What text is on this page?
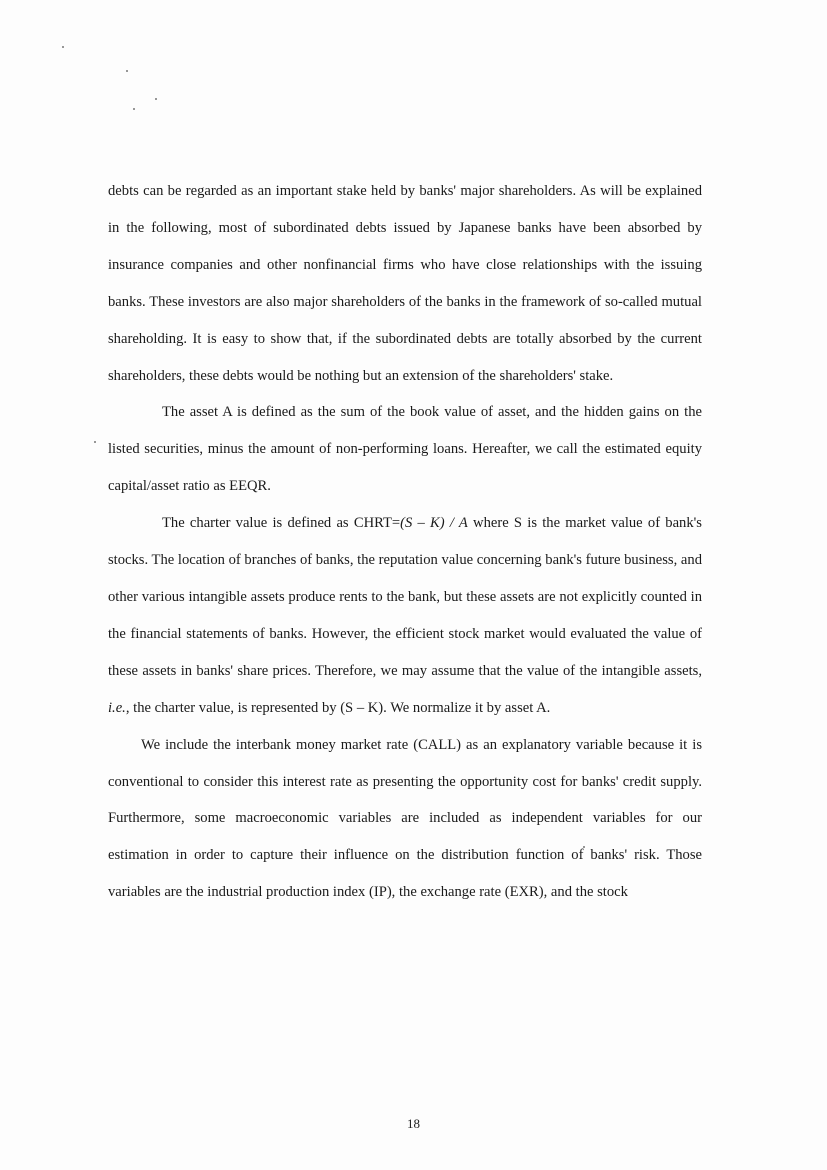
debts can be regarded as an important stake held by banks' major shareholders. As will be explained in the following, most of subordinated debts issued by Japanese banks have been absorbed by insurance companies and other nonfinancial firms who have close relationships with the issuing banks. These investors are also major shareholders of the banks in the framework of so-called mutual shareholding. It is easy to show that, if the subordinated debts are totally absorbed by the current shareholders, these debts would be nothing but an extension of the shareholders' stake.

The asset A is defined as the sum of the book value of asset, and the hidden gains on the listed securities, minus the amount of non-performing loans. Hereafter, we call the estimated equity capital/asset ratio as EEQR.

The charter value is defined as CHRT=(S – K) / A where S is the market value of bank's stocks. The location of branches of banks, the reputation value concerning bank's future business, and other various intangible assets produce rents to the bank, but these assets are not explicitly counted in the financial statements of banks. However, the efficient stock market would evaluated the value of these assets in banks' share prices. Therefore, we may assume that the value of the intangible assets, i.e., the charter value, is represented by (S – K). We normalize it by asset A.

We include the interbank money market rate (CALL) as an explanatory variable because it is conventional to consider this interest rate as presenting the opportunity cost for banks' credit supply. Furthermore, some macroeconomic variables are included as independent variables for our estimation in order to capture their influence on the distribution function of banks' risk. Those variables are the industrial production index (IP), the exchange rate (EXR), and the stock

18
